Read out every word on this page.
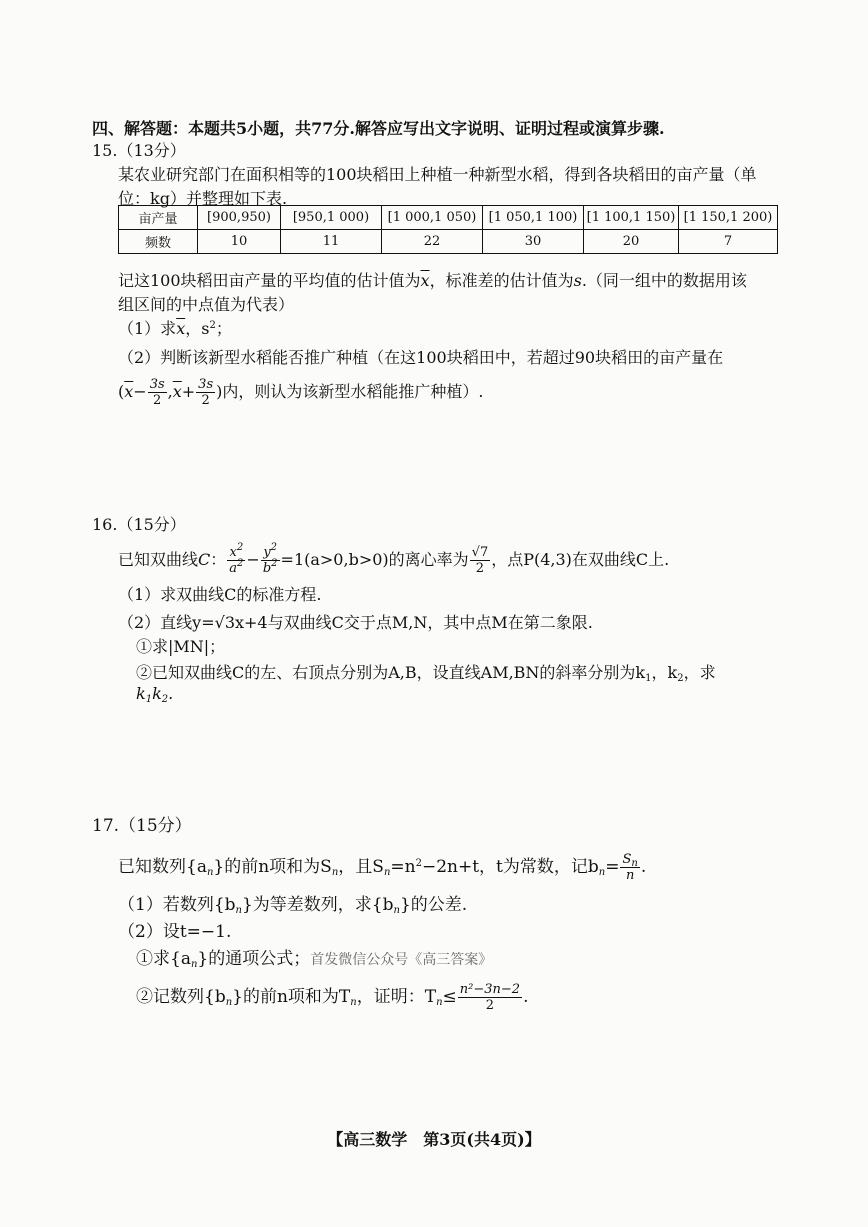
四、解答题：本题共5小题，共77分.解答应写出文字说明、证明过程或演算步骤.
15.（13分）
某农业研究部门在面积相等的100块稻田上种植一种新型水稻，得到各块稻田的亩产量（单
位：kg）并整理如下表.
亩产量	[900,950)	[950,1 000)	[1 000,1 050)	[1 050,1 100)	[1 100,1 150)	[1 150,1 200)
频数	10	11	22	30	20	7
记这100块稻田亩产量的平均值的估计值为$\overline{x}$，标准差的估计值为s.（同一组中的数据用该
组区间的中点值为代表）
（1）求$\overline{x}$，$s^2$；
（2）判断该新型水稻能否推广种植（在这100块稻田中，若超过90块稻田的亩产量在
($\overline{x}- \frac{3s}{2} ,\overline{x}+ \frac{3s}{2}$ )内，则认为该新型水稻能推广种植）.
16.（15分）
已知双曲线C： $\frac{x^2}{a^2} - \frac{y^2}{b^2} =1(a>0,b>0)$的离心率为 $\frac{√7}{2}$ ，点P(4,3)在双曲线C上.
（1）求双曲线C的标准方程.
（2）直线y=√3x+4与双曲线C交于点M,N，其中点M在第二象限.
①求|MN|；
②已知双曲线C的左、右顶点分别为A,B，设直线AM,BN的斜率分别为$k_1$，$k_2$，求
$k_1k_2$.
17.（15分）
已知数列$\{a_n\}$的前n项和为$S_n$，且$S_n=n^2-2n+t$，t为常数，记$b_n= \frac{S_n}{n}$ .
（1）若数列$\{b_n\}$为等差数列，求$\{b_n\}$的公差.
（2）设t=−1.
①求$\{a_n\}$的通项公式；首发微信公众号《高三答案》
②记数列$\{b_n\}$的前n项和为$T_n$，证明：$T_n\le \frac{\text{n²−3n−2}}{2}$ .
【高三数学　第3页(共4页)】
